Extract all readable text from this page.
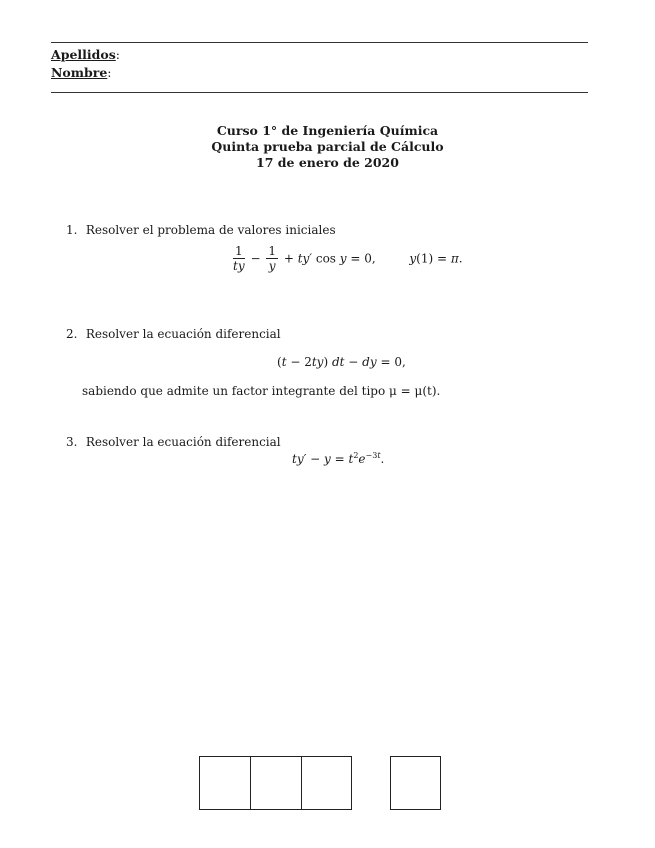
Apellidos:
Nombre:
Curso 1° de Ingeniería Química
Quinta prueba parcial de Cálculo
17 de enero de 2020
1. Resolver el problema de valores iniciales
$\frac{1}{ty} - \frac{1}{y} + ty'$ cos y = 0,  y(1) = π.
2. Resolver la ecuación diferencial
(t − 2ty) dt − dy = 0,
sabiendo que admite un factor integrante del tipo μ = μ(t).
3. Resolver la ecuación diferencial
$ty' - y = t^2e^{-3t}$.
